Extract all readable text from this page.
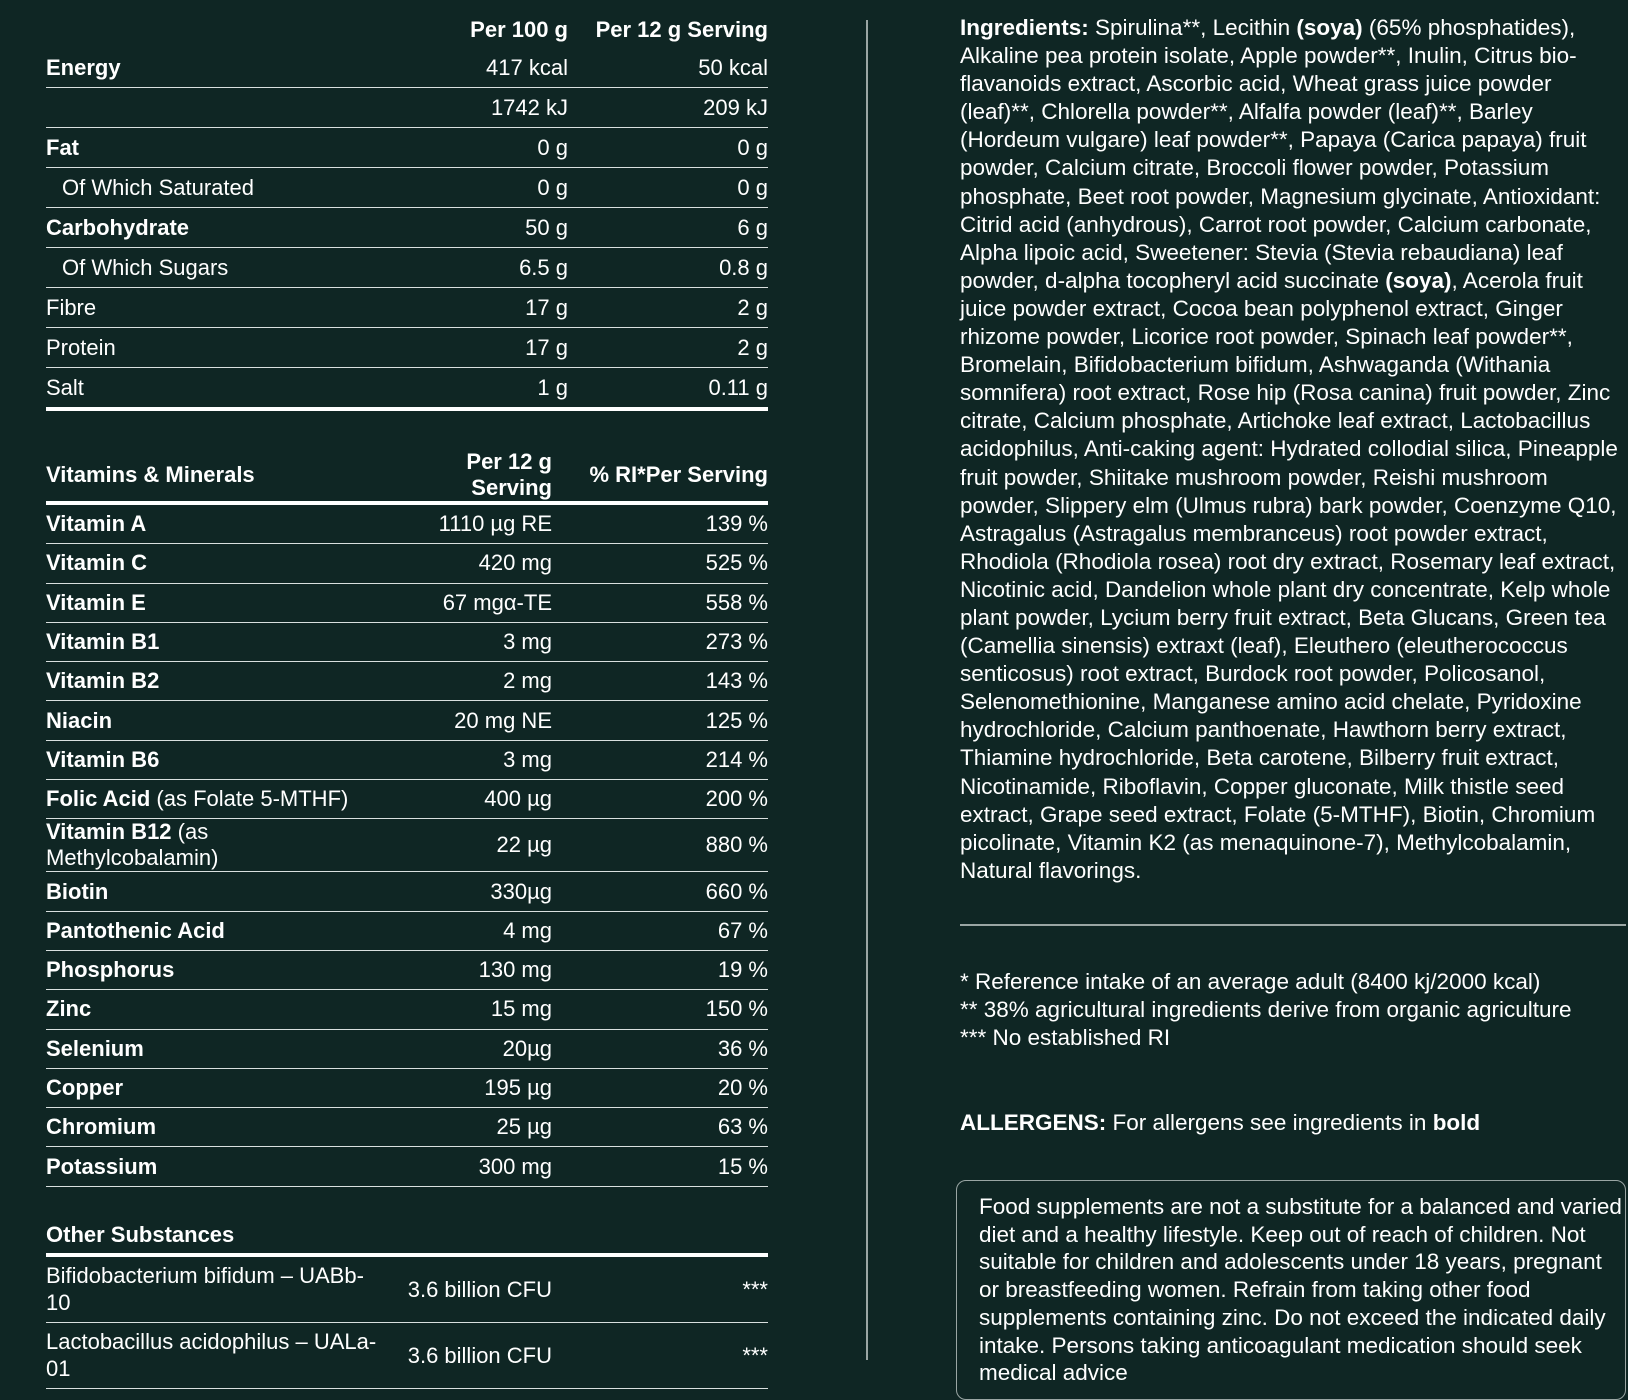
	Per 100 g	Per 12 g Serving
Energy	417 kcal	50 kcal
	1742 kJ	209 kJ
Fat	0 g	0 g
Of Which Saturated	0 g	0 g
Carbohydrate	50 g	6 g
Of Which Sugars	6.5 g	0.8 g
Fibre	17 g	2 g
Protein	17 g	2 g
Salt	1 g	0.11 g
Vitamins & Minerals	Per 12 g Serving	% RI*Per Serving
Vitamin A	1110 µg RE	139 %
Vitamin C	420 mg	525 %
Vitamin E	67 mgα-TE	558 %
Vitamin B1	3 mg	273 %
Vitamin B2	2 mg	143 %
Niacin	20 mg NE	125 %
Vitamin B6	3 mg	214 %
Folic Acid (as Folate 5-MTHF)	400 µg	200 %
Vitamin B12 (as Methylcobalamin)	22 µg	880 %
Biotin	330µg	660 %
Pantothenic Acid	4 mg	67 %
Phosphorus	130 mg	19 %
Zinc	15 mg	150 %
Selenium	20µg	36 %
Copper	195 µg	20 %
Chromium	25 µg	63 %
Potassium	300 mg	15 %
Other Substances		
Bifidobacterium bifidum – UABb-10	3.6 billion CFU	***
Lactobacillus acidophilus – UALa-01	3.6 billion CFU	***
Ingredients: Spirulina**, Lecithin (soya) (65% phosphatides), Alkaline pea protein isolate, Apple powder**, Inulin, Citrus bio-flavanoids extract, Ascorbic acid, Wheat grass juice powder (leaf)**, Chlorella powder**, Alfalfa powder (leaf)**, Barley (Hordeum vulgare) leaf powder**, Papaya (Carica papaya) fruit powder, Calcium citrate, Broccoli flower powder, Potassium phosphate, Beet root powder, Magnesium glycinate, Antioxidant: Citrid acid (anhydrous), Carrot root powder, Calcium carbonate, Alpha lipoic acid, Sweetener: Stevia (Stevia rebaudiana) leaf powder, d-alpha tocopheryl acid succinate (soya), Acerola fruit juice powder extract, Cocoa bean polyphenol extract, Ginger rhizome powder, Licorice root powder, Spinach leaf powder**, Bromelain, Bifidobacterium bifidum, Ashwaganda (Withania somnifera) root extract, Rose hip (Rosa canina) fruit powder, Zinc citrate, Calcium phosphate, Artichoke leaf extract, Lactobacillus acidophilus, Anti-caking agent: Hydrated collodial silica, Pineapple fruit powder, Shiitake mushroom powder, Reishi mushroom powder, Slippery elm (Ulmus rubra) bark powder, Coenzyme Q10, Astragalus (Astragalus membranceus) root powder extract, Rhodiola (Rhodiola rosea) root dry extract, Rosemary leaf extract, Nicotinic acid, Dandelion whole plant dry concentrate, Kelp whole plant powder, Lycium berry fruit extract, Beta Glucans, Green tea (Camellia sinensis) extraxt (leaf), Eleuthero (eleutherococcus senticosus) root extract, Burdock root powder, Policosanol, Selenomethionine, Manganese amino acid chelate, Pyridoxine hydrochloride, Calcium panthoenate, Hawthorn berry extract, Thiamine hydrochloride, Beta carotene, Bilberry fruit extract, Nicotinamide, Riboflavin, Copper gluconate, Milk thistle seed extract, Grape seed extract, Folate (5-MTHF), Biotin, Chromium picolinate, Vitamin K2 (as menaquinone-7), Methylcobalamin, Natural flavorings.
* Reference intake of an average adult (8400 kj/2000 kcal)
** 38% agricultural ingredients derive from organic agriculture
*** No established RI
ALLERGENS: For allergens see ingredients in bold
Food supplements are not a substitute for a balanced and varied diet and a healthy lifestyle. Keep out of reach of children. Not suitable for children and adolescents under 18 years, pregnant or breastfeeding women. Refrain from taking other food supplements containing zinc. Do not exceed the indicated daily intake. Persons taking anticoagulant medication should seek medical advice
